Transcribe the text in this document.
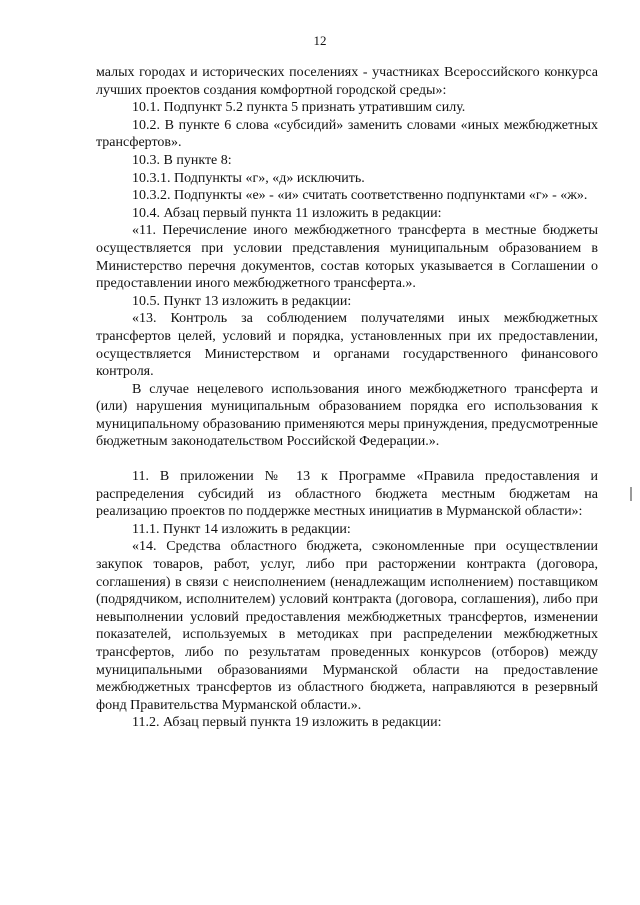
12

малых городах и исторических поселениях - участниках Всероссийского конкурса лучших проектов создания комфортной городской среды»:

10.1. Подпункт 5.2 пункта 5 признать утратившим силу.

10.2. В пункте 6 слова «субсидий» заменить словами «иных межбюджетных трансфертов».

10.3. В пункте 8:

10.3.1. Подпункты «г», «д» исключить.

10.3.2. Подпункты «е» - «и» считать соответственно подпунктами «г» - «ж».

10.4. Абзац первый пункта 11 изложить в редакции:

«11. Перечисление иного межбюджетного трансферта в местные бюджеты осуществляется при условии представления муниципальным образованием в Министерство перечня документов, состав которых указывается в Соглашении о предоставлении иного межбюджетного трансферта.».

10.5. Пункт 13 изложить в редакции:

«13. Контроль за соблюдением получателями иных межбюджетных трансфертов целей, условий и порядка, установленных при их предоставлении, осуществляется Министерством и органами государственного финансового контроля.

В случае нецелевого использования иного межбюджетного трансферта и (или) нарушения муниципальным образованием порядка его использования к муниципальному образованию применяются меры принуждения, предусмотренные бюджетным законодательством Российской Федерации.».

11. В приложении № 13 к Программе «Правила предоставления и распределения субсидий из областного бюджета местным бюджетам на реализацию проектов по поддержке местных инициатив в Мурманской области»:

11.1. Пункт 14 изложить в редакции:

«14. Средства областного бюджета, сэкономленные при осуществлении закупок товаров, работ, услуг, либо при расторжении контракта (договора, соглашения) в связи с неисполнением (ненадлежащим исполнением) поставщиком (подрядчиком, исполнителем) условий контракта (договора, соглашения), либо при невыполнении условий предоставления межбюджетных трансфертов, изменении показателей, используемых в методиках при распределении межбюджетных трансфертов, либо по результатам проведенных конкурсов (отборов) между муниципальными образованиями Мурманской области на предоставление межбюджетных трансфертов из областного бюджета, направляются в резервный фонд Правительства Мурманской области.».

11.2. Абзац первый пункта 19 изложить в редакции:
